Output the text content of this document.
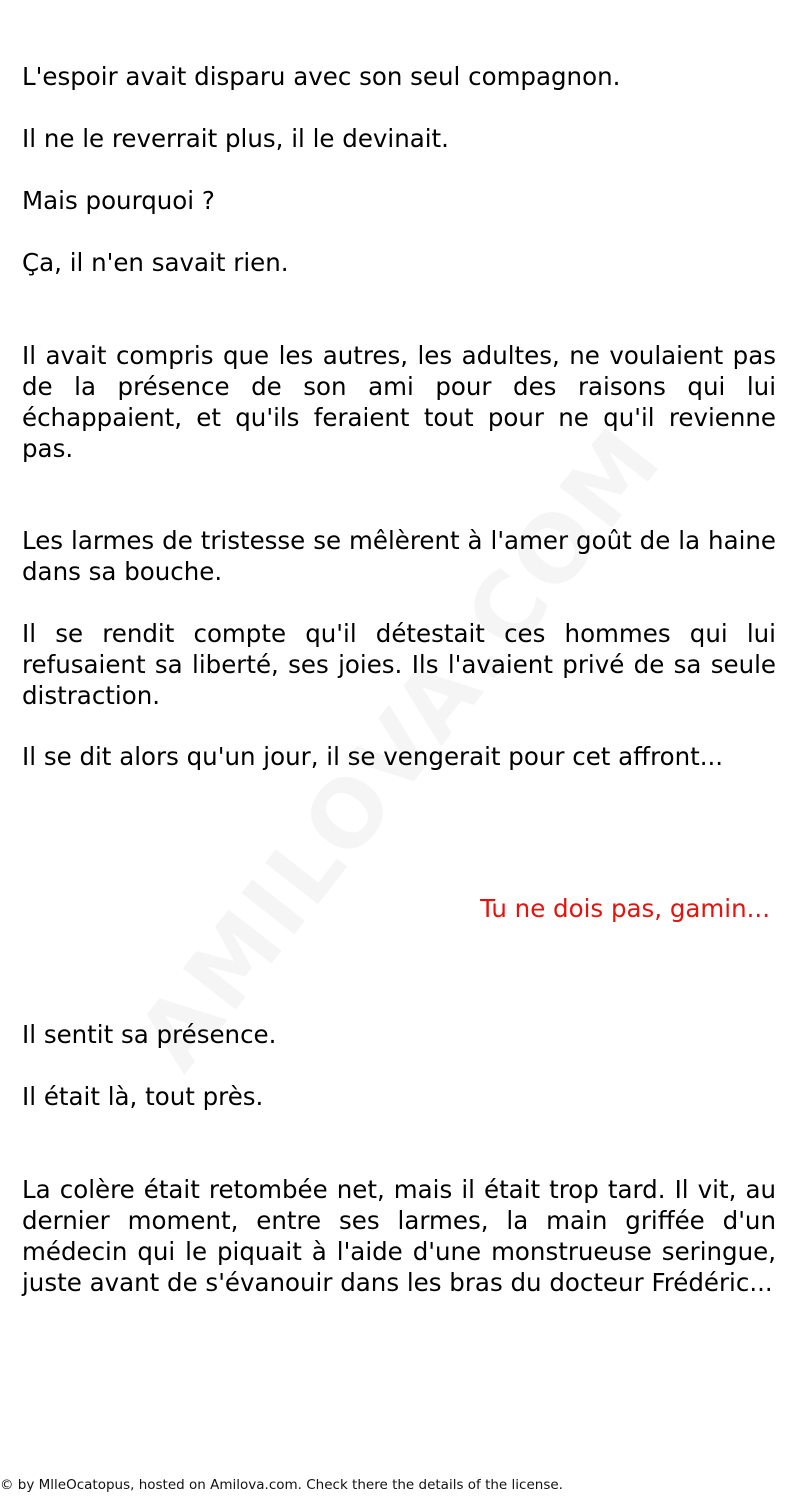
L'espoir avait disparu avec son seul compagnon.

Il ne le reverrait plus, il le devinait.

Mais pourquoi ?

Ça, il n'en savait rien.

Il avait compris que les autres, les adultes, ne voulaient pas de la présence de son ami pour des raisons qui lui échappaient, et qu'ils feraient tout pour ne qu'il revienne pas.

Les larmes de tristesse se mêlèrent à l'amer goût de la haine dans sa bouche.

Il se rendit compte qu'il détestait ces hommes qui lui refusaient sa liberté, ses joies. Ils l'avaient privé de sa seule distraction.

Il se dit alors qu'un jour, il se vengerait pour cet affront...

Il sentit sa présence.

Il était là, tout près.

La colère était retombée net, mais il était trop tard. Il vit, au dernier moment, entre ses larmes, la main griffée d'un médecin qui le piquait à l'aide d'une monstrueuse seringue, juste avant de s'évanouir dans les bras du docteur Frédéric...

Tu ne dois pas, gamin...

© by MlleOcatopus, hosted on Amilova.com. Check there the details of the license.
